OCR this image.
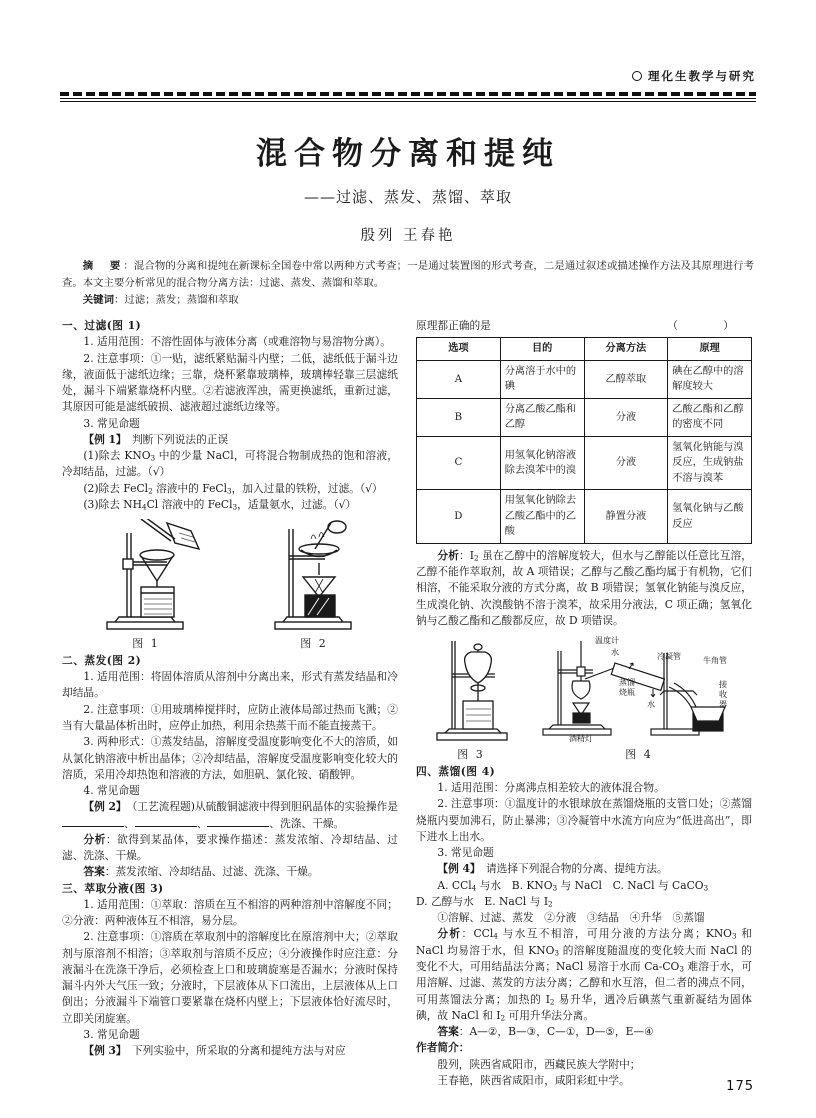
理化生教学与研究
混合物分离和提纯
——过滤、蒸发、蒸馏、萃取
殷列 王春艳

摘　要：混合物的分离和提纯在新课标全国卷中常以两种方式考查；一是通过装置图的形式考查，二是通过叙述或描述操作方法及其原理进行考查。本文主要分析常见的混合物分离方法：过滤、蒸发、蒸馏和萃取。

关键词：过滤；蒸发；蒸馏和萃取

一、过滤(图 1)

1. 适用范围：不溶性固体与液体分离（或难溶物与易溶物分离）。

2. 注意事项：①一贴，滤纸紧贴漏斗内壁；二低，滤纸低于漏斗边缘，液面低于滤纸边缘；三靠，烧杯紧靠玻璃棒，玻璃棒轻靠三层滤纸处，漏斗下端紧靠烧杯内壁。②若滤液浑浊，需更换滤纸，重新过滤，其原因可能是滤纸破损、滤液超过滤纸边缘等。

3. 常见命题

【例 1】　判断下列说法的正误

(1)除去 $KNO_3$ 中的少量 NaCl，可将混合物制成热的饱和溶液，冷却结晶，过滤。（√）

(2)除去 FeCl$_2$ 溶液中的 FeCl$_3$，加入过量的铁粉，过滤。（√）

(3)除去 $NH_4Cl$ 溶液中的 FeCl$_3$，适量氨水，过滤。（√）

图 1	图 2

二、蒸发(图 2)

1. 适用范围：将固体溶质从溶剂中分离出来，形式有蒸发结晶和冷却结晶。

2. 注意事项：①用玻璃棒搅拌时，应防止液体局部过热而飞溅；②当有大量晶体析出时，应停止加热，利用余热蒸干而不能直接蒸干。

3. 两种形式：①蒸发结晶，溶解度受温度影响变化不大的溶质，如从氯化钠溶液中析出晶体；②冷却结晶，溶解度受温度影响变化较大的溶质，采用冷却热饱和溶液的方法，如胆矾、氯化铵、硝酸钾。

4. 常见命题

【例 2】　（工艺流程题)从硫酸铜滤液中得到胆矾晶体的实验操作是、	、	、洗涤、干燥。

分析：欲得到某晶体，要求操作描述：蒸发浓缩、冷却结晶、过滤、洗涤、干燥。

答案：蒸发浓缩、冷却结晶、过滤、洗涤、干燥。

三、萃取分液(图 3)

1. 适用范围：①萃取：溶质在互不相溶的两种溶剂中溶解度不同；②分液：两种液体互不相溶，易分层。

2. 注意事项：①溶质在萃取剂中的溶解度比在原溶剂中大；②萃取剂与原溶剂不相溶；③萃取剂与溶质不反应；④分液操作时应注意：分液漏斗在洗涤干净后，必须检查上口和玻璃旋塞是否漏水；分液时保持漏斗内外大气压一致；分液时，下层液体从下口流出，上层液体从上口倒出；分液漏斗下端管口要紧靠在烧杯内壁上；下层液体恰好流尽时，立即关闭旋塞。

3. 常见命题

【例 3】　下列实验中，所采取的分离和提纯方法与对应

原理都正确的是	（　　）
选项	目的	分离方法	原理
A	分离溶于水中的碘	乙醇萃取	碘在乙醇中的溶解度较大
B	分离乙酸乙酯和乙醇	分液	乙酸乙酯和乙醇的密度不同
C	用氢氧化钠溶液除去溴苯中的溴	分液	氢氧化钠能与溴反应，生成钠盐不溶与溴苯
D	用氢氧化钠除去乙酸乙酯中的乙酸	静置分液	氢氧化钠与乙酸反应

分析：$I_2$ 虽在乙醇中的溶解度较大，但水与乙醇能以任意比互溶，乙醇不能作萃取剂，故 A 项错误；乙醇与乙酸乙酯均属于有机物，它们相溶，不能采取分液的方式分离，故 B 项错误；氢氧化钠能与溴反应，生成溴化钠、次溴酸钠不溶于溴苯，故采用分液法，C 项正确；氢氧化钠与乙酸乙酯和乙酸都反应，故 D 项错误。

图 3
温度计
水	冷凝管	牛角管
蒸馏
烧瓶
水
接
收
器
酒精灯
图 4

四、蒸馏(图 4)

1. 适用范围：分离沸点相差较大的液体混合物。

2. 注意事项：①温度计的水银球放在蒸馏烧瓶的支管口处；②蒸馏烧瓶内要加沸石，防止暴沸；③冷凝管中水流方向应为“低进高出”，即下进水上出水。

3. 常见命题

【例 4】　请选择下列混合物的分离、提纯方法。

A. CCl$_4$ 与水　B. $KNO_3$ 与 NaCl　C. NaCl 与 CaCO$_3$

D. 乙醇与水　E. NaCl 与 $I_2$

①溶解、过滤、蒸发　②分液　③结晶　④升华　⑤蒸馏

分析：CCl$_4$ 与水互不相溶，可用分液的方法分离；$KNO_3$ 和 NaCl 均易溶于水，但 $KNO_3$ 的溶解度随温度的变化较大而 NaCl 的变化不大，可用结晶法分离；NaCl 易溶于水而 $Ca-CO_3$ 难溶于水，可用溶解、过滤、蒸发的方法分离；乙醇和水互溶，但二者的沸点不同，可用蒸馏法分离；加热的 $I_2$ 易升华，遇冷后碘蒸气重新凝结为固体碘，故 NaCl 和 $I_2$ 可用升华法分离。

答案：A—②，B—③，C—①，D—⑤，E—④

作者简介：

殷列，陕西省咸阳市，西藏民族大学附中；

王春艳，陕西省咸阳市，咸阳彩虹中学。	175
